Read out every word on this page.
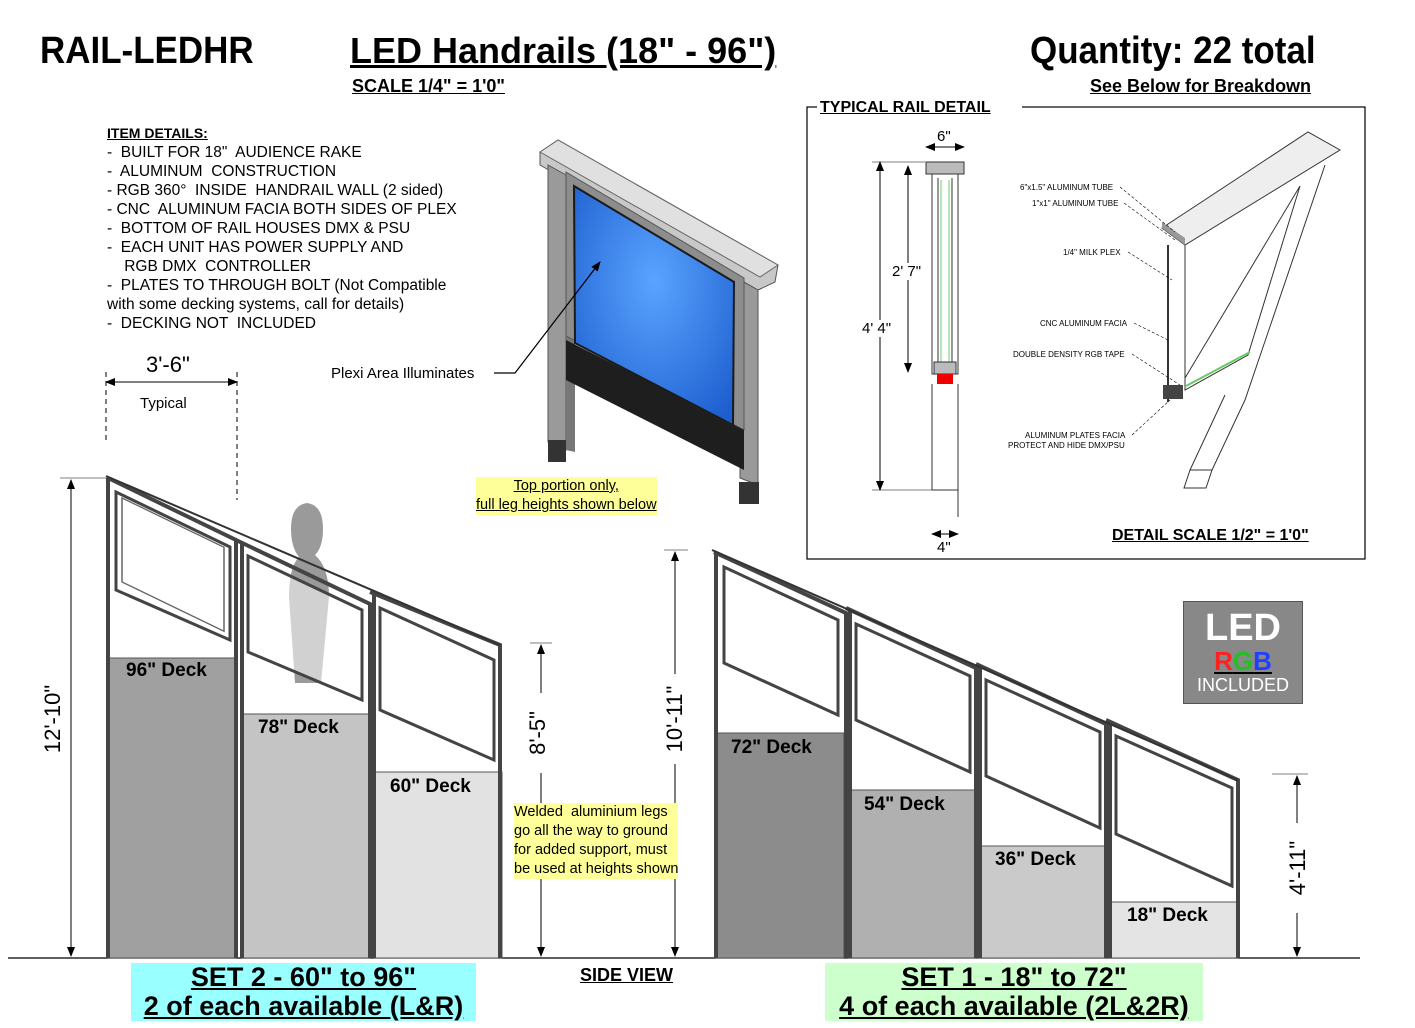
RAIL-LEDHR	LED Handrails (18" - 96")
SCALE 1/4" = 1'0"
Quantity: 22 total
See Below for Breakdown
ITEM DETAILS:
-  BUILT FOR 18"  AUDIENCE RAKE
-  ALUMINUM  CONSTRUCTION
- RGB 360°  INSIDE  HANDRAIL WALL (2 sided)
- CNC  ALUMINUM FACIA BOTH SIDES OF PLEX
-  BOTTOM OF RAIL HOUSES DMX & PSU
-  EACH UNIT HAS POWER SUPPLY AND
RGB DMX  CONTROLLER
-  PLATES TO THROUGH BOLT (Not Compatible
with some decking systems, call for details)
-  DECKING NOT  INCLUDED
Plexi Area Illuminates
Top portion only,
full leg heights shown below
TYPICAL RAIL DETAIL
6"
2' 7"
4' 4"
4"
DETAIL SCALE 1/2" = 1'0"
6"x1.5" ALUMINUM TUBE
1"x1" ALUMINUM TUBE
1/4" MILK PLEX
CNC ALUMINUM FACIA
DOUBLE DENSITY RGB TAPE
ALUMINUM PLATES FACIA
PROTECT AND HIDE DMX/PSU
LED
RGB
INCLUDED
3'-6"
Typical
12'-10"	8'-5"	10'-11"
4'-11"
96" Deck
78" Deck
60" Deck
72" Deck
54" Deck
36" Deck
18" Deck
Welded  aluminium legs
go all the way to ground
for added support, must
be used at heights shown
SET 2 - 60" to 96"
2 of each available (L&R)
SIDE VIEW	SET 1 - 18" to 72"
4 of each available (2L&2R)
